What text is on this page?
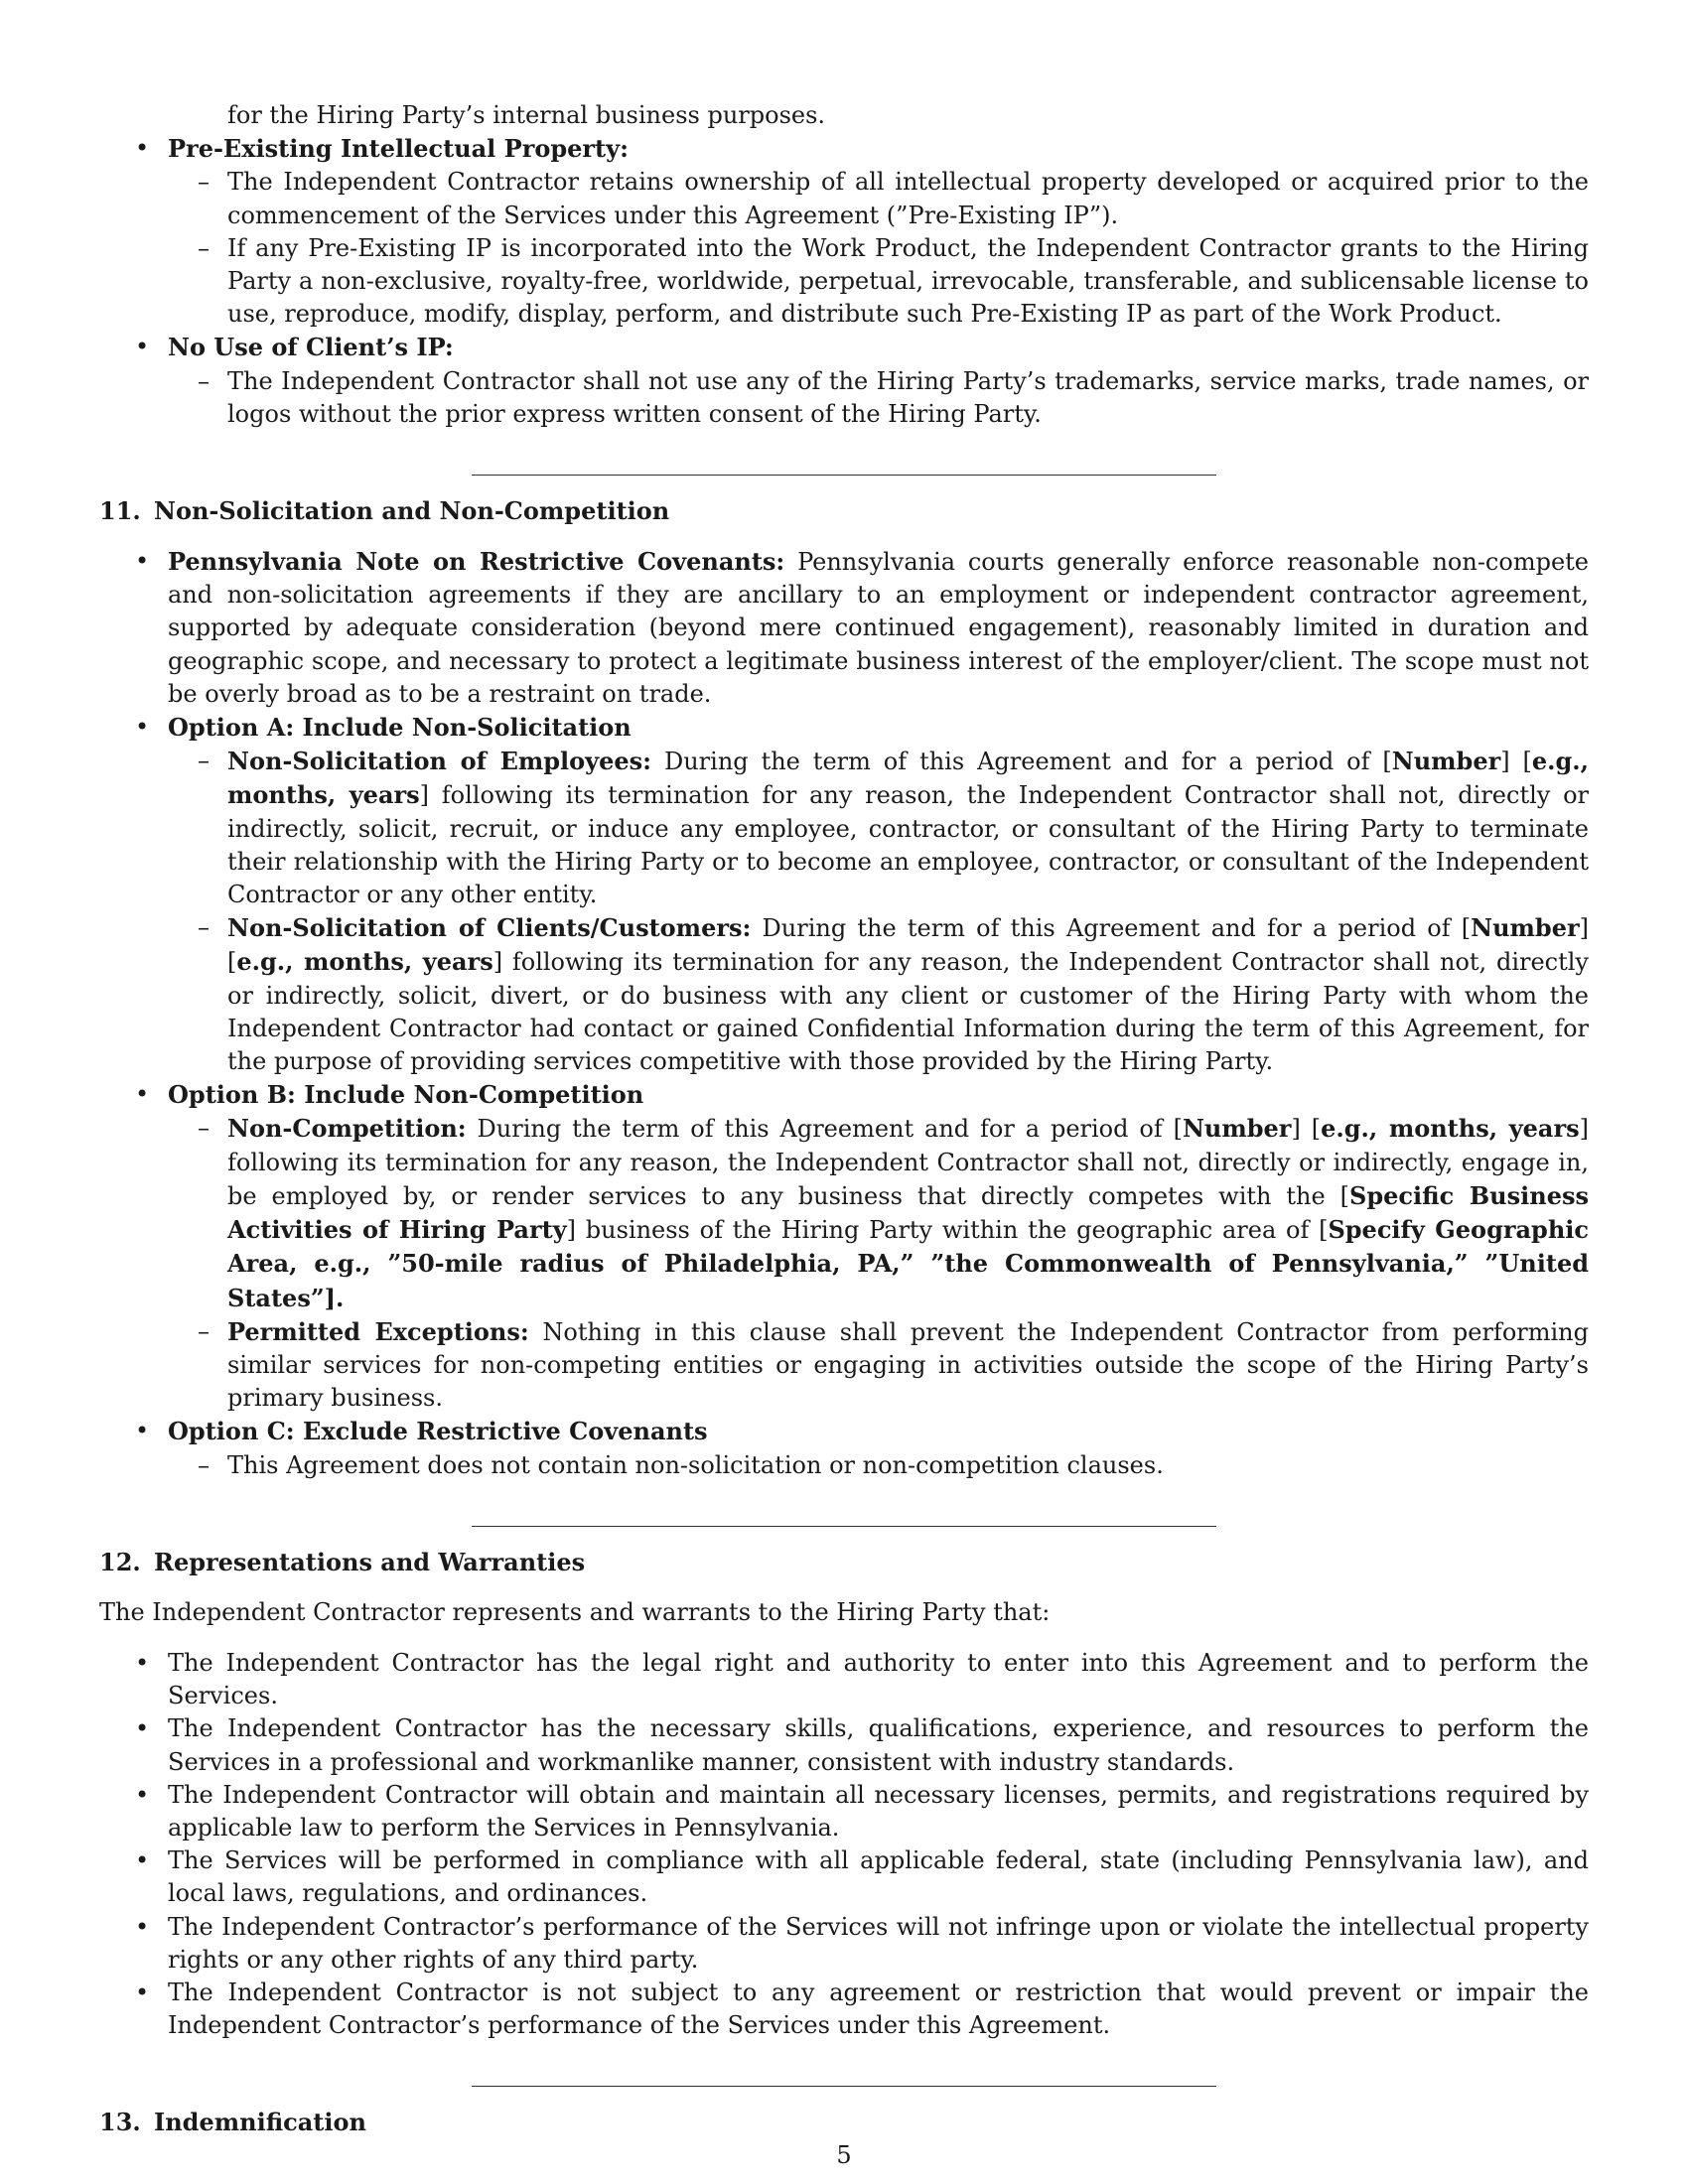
for the Hiring Party’s internal business purposes.

• Pre-Existing Intellectual Property:
– The Independent Contractor retains ownership of all intellectual property developed or acquired prior to the commencement of the Services under this Agreement (”Pre-Existing IP”).
– If any Pre-Existing IP is incorporated into the Work Product, the Independent Contractor grants to the Hiring Party a non-exclusive, royalty-free, worldwide, perpetual, irrevocable, transferable, and sublicensable license to use, reproduce, modify, display, perform, and distribute such Pre-Existing IP as part of the Work Product.
• No Use of Client’s IP:
– The Independent Contractor shall not use any of the Hiring Party’s trademarks, service marks, trade names, or logos without the prior express written consent of the Hiring Party.
11. Non-Solicitation and Non-Competition
• Pennsylvania Note on Restrictive Covenants: Pennsylvania courts generally enforce reasonable non-compete and non-solicitation agreements if they are ancillary to an employment or independent contractor agreement, supported by adequate consideration (beyond mere continued engagement), reasonably limited in duration and geographic scope, and necessary to protect a legitimate business interest of the employer/client. The scope must not be overly broad as to be a restraint on trade.
• Option A: Include Non-Solicitation
– Non-Solicitation of Employees: During the term of this Agreement and for a period of [Number] [e.g., months, years] following its termination for any reason, the Independent Contractor shall not, directly or indirectly, solicit, recruit, or induce any employee, contractor, or consultant of the Hiring Party to terminate their relationship with the Hiring Party or to become an employee, contractor, or consultant of the Independent Contractor or any other entity.
– Non-Solicitation of Clients/Customers: During the term of this Agreement and for a period of [Number] [e.g., months, years] following its termination for any reason, the Independent Contractor shall not, directly or indirectly, solicit, divert, or do business with any client or customer of the Hiring Party with whom the Independent Contractor had contact or gained Confidential Information during the term of this Agreement, for the purpose of providing services competitive with those provided by the Hiring Party.
• Option B: Include Non-Competition
– Non-Competition: During the term of this Agreement and for a period of [Number] [e.g., months, years] following its termination for any reason, the Independent Contractor shall not, directly or indirectly, engage in, be employed by, or render services to any business that directly competes with the [Specific Business Activities of Hiring Party] business of the Hiring Party within the geographic area of [Specify Geographic Area, e.g., ”50-mile radius of Philadelphia, PA,” ”the Commonwealth of Pennsylvania,” ”United States”].
– Permitted Exceptions: Nothing in this clause shall prevent the Independent Contractor from performing similar services for non-competing entities or engaging in activities outside the scope of the Hiring Party’s primary business.
• Option C: Exclude Restrictive Covenants
– This Agreement does not contain non-solicitation or non-competition clauses.
12. Representations and Warranties

The Independent Contractor represents and warrants to the Hiring Party that:

• The Independent Contractor has the legal right and authority to enter into this Agreement and to perform the Services.
• The Independent Contractor has the necessary skills, qualifications, experience, and resources to perform the Services in a professional and workmanlike manner, consistent with industry standards.
• The Independent Contractor will obtain and maintain all necessary licenses, permits, and registrations required by applicable law to perform the Services in Pennsylvania.
• The Services will be performed in compliance with all applicable federal, state (including Pennsylvania law), and local laws, regulations, and ordinances.
• The Independent Contractor’s performance of the Services will not infringe upon or violate the intellectual property rights or any other rights of any third party.
• The Independent Contractor is not subject to any agreement or restriction that would prevent or impair the Independent Contractor’s performance of the Services under this Agreement.
13. Indemnification
5
